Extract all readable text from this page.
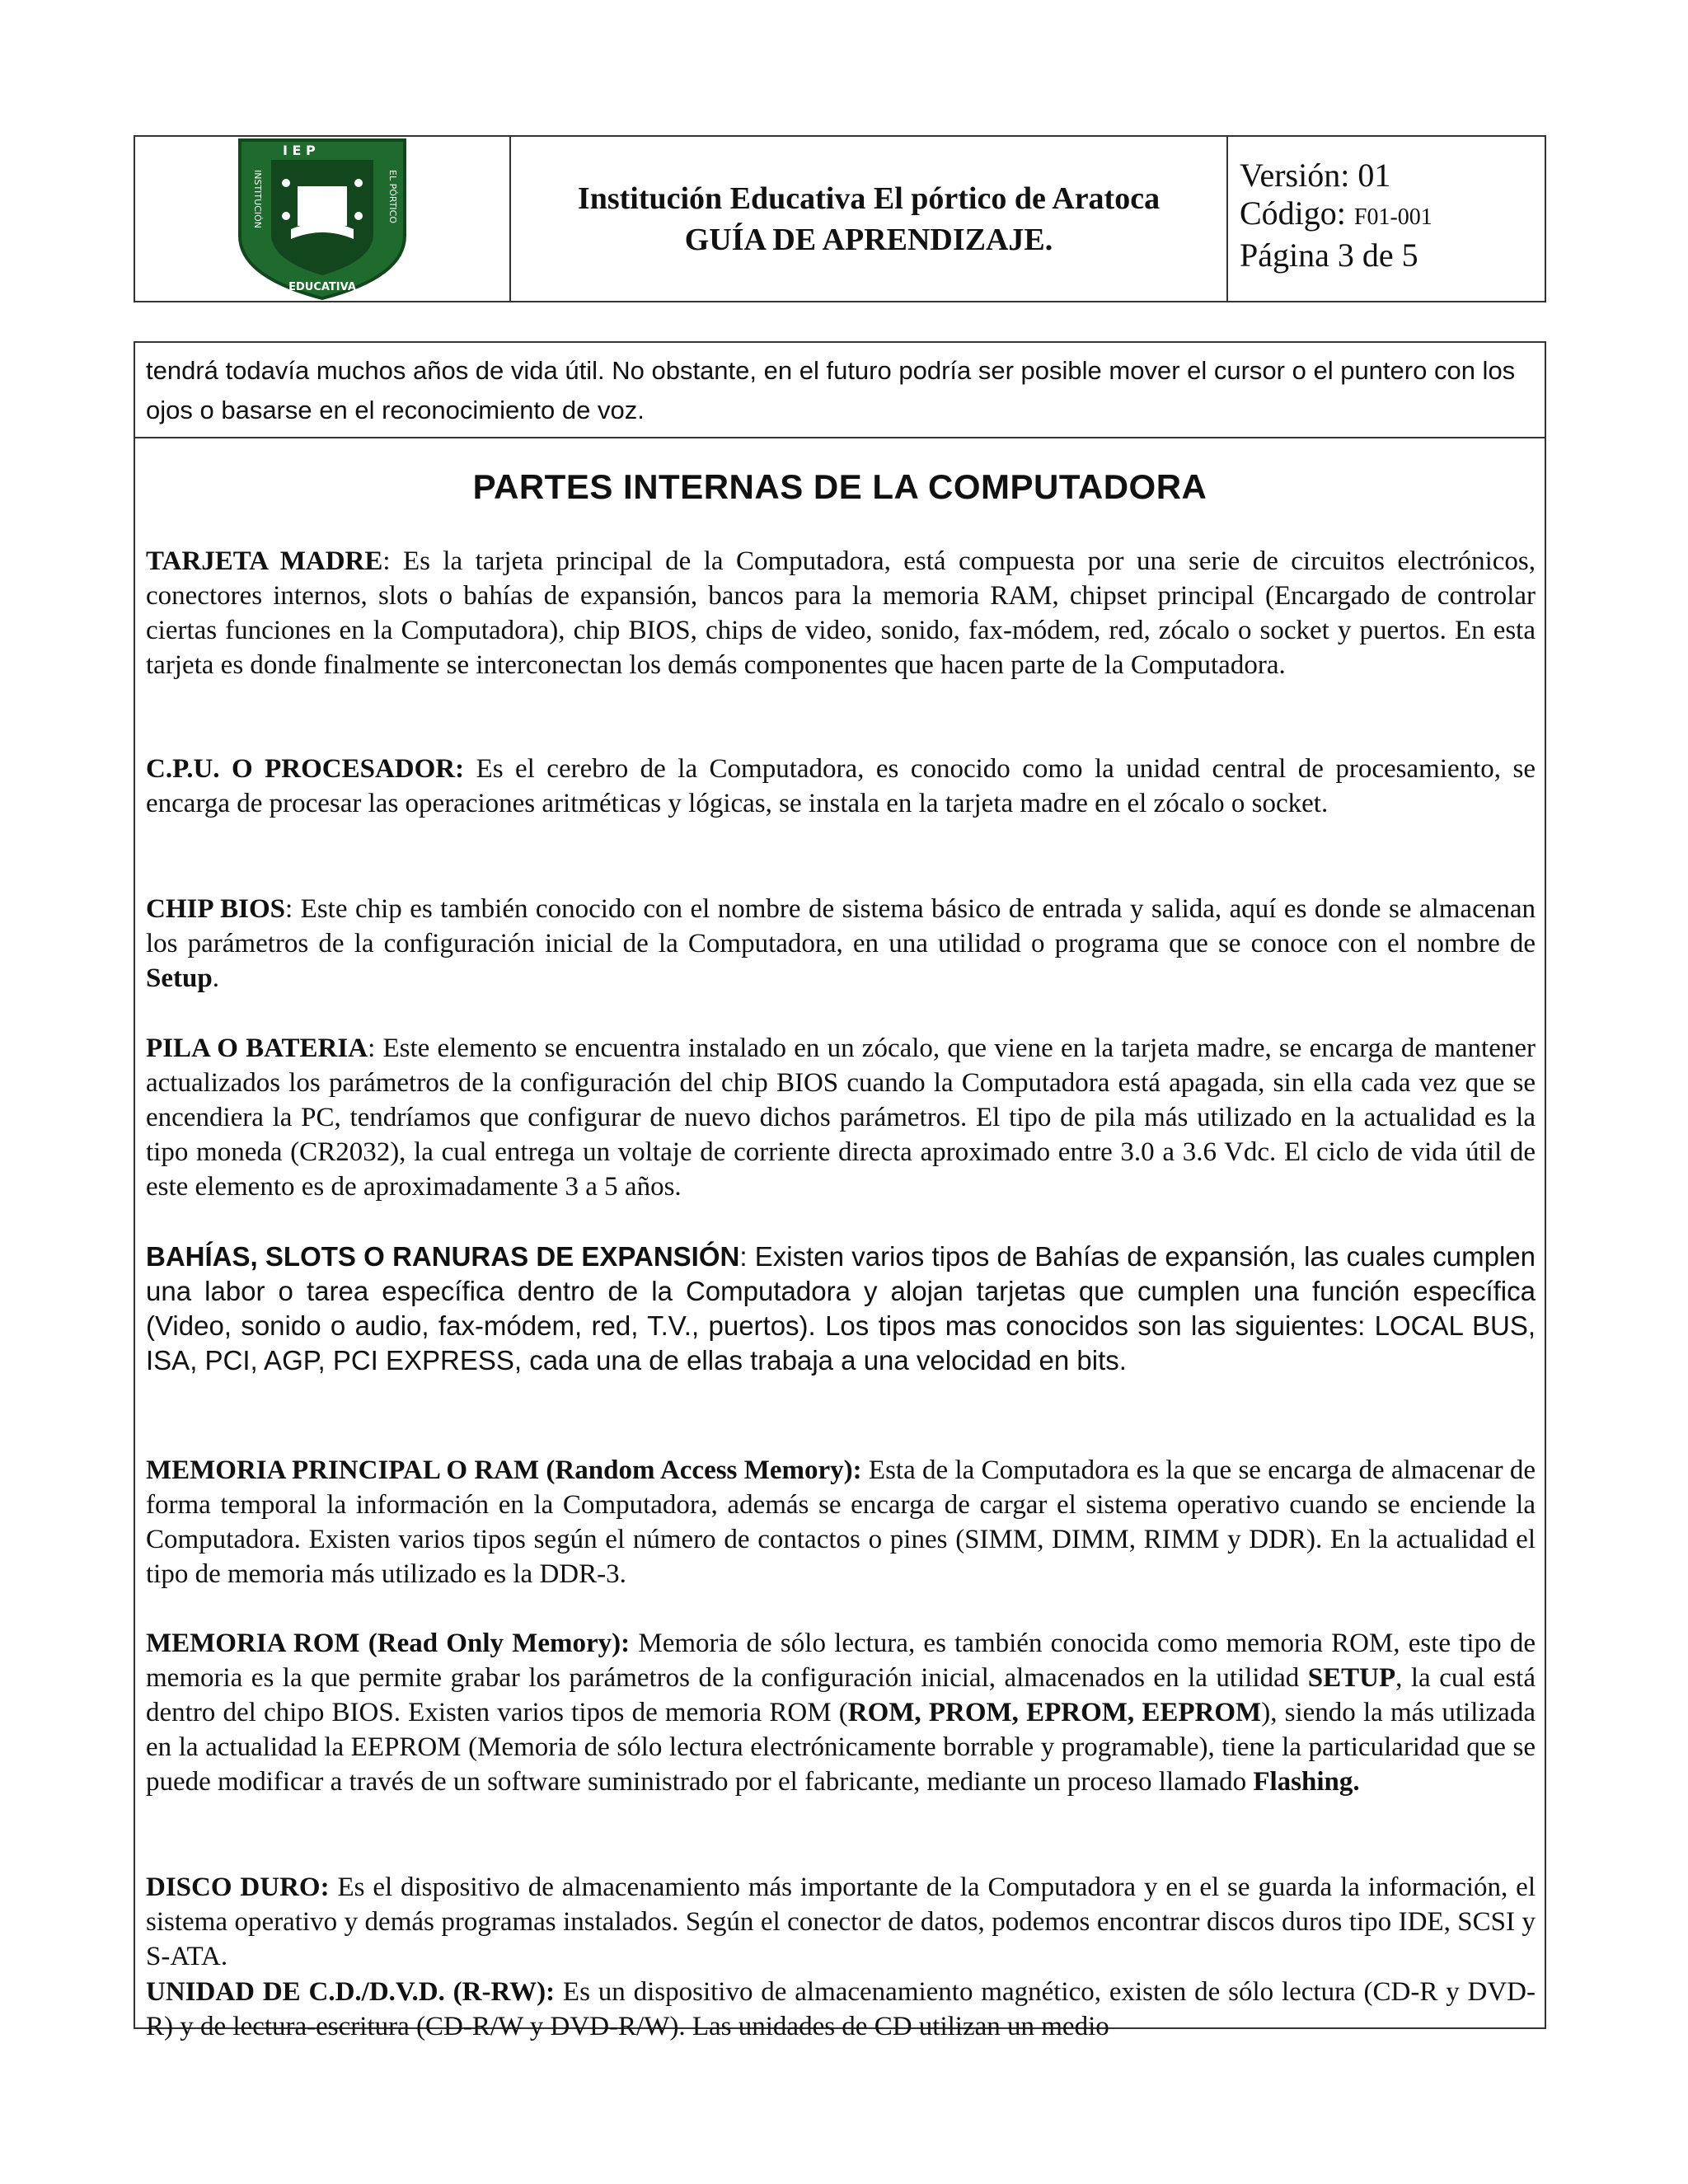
I E P
INSTITUCIÓN	EL PÓRTICO
EDUCATIVA
Institución Educativa El pórtico de Aratoca
GUÍA DE APRENDIZAJE.
Versión: 01
Código: F01-001
Página 3 de 5

tendrá todavía muchos años de vida útil. No obstante, en el futuro podría ser posible mover el cursor o el puntero con los ojos o basarse en el reconocimiento de voz.

PARTES INTERNAS DE LA COMPUTADORA

TARJETA MADRE: Es la tarjeta principal de la Computadora, está compuesta por una serie de circuitos electrónicos, conectores internos, slots o bahías de expansión, bancos para la memoria RAM, chipset principal (Encargado de controlar ciertas funciones en la Computadora), chip BIOS, chips de video, sonido, fax-módem, red, zócalo o socket y puertos. En esta tarjeta es donde finalmente se interconectan los demás componentes que hacen parte de la Computadora.

C.P.U. O PROCESADOR: Es el cerebro de la Computadora, es conocido como la unidad central de procesamiento, se encarga de procesar las operaciones aritméticas y lógicas, se instala en la tarjeta madre en el zócalo o socket.

CHIP BIOS: Este chip es también conocido con el nombre de sistema básico de entrada y salida, aquí es donde se almacenan los parámetros de la configuración inicial de la Computadora, en una utilidad o programa que se conoce con el nombre de Setup.

PILA O BATERIA: Este elemento se encuentra instalado en un zócalo, que viene en la tarjeta madre, se encarga de mantener actualizados los parámetros de la configuración del chip BIOS cuando la Computadora está apagada, sin ella cada vez que se encendiera la PC, tendríamos que configurar de nuevo dichos parámetros. El tipo de pila más utilizado en la actualidad es la tipo moneda (CR2032), la cual entrega un voltaje de corriente directa aproximado entre 3.0 a 3.6 Vdc. El ciclo de vida útil de este elemento es de aproximadamente 3 a 5 años.

BAHÍAS, SLOTS O RANURAS DE EXPANSIÓN: Existen varios tipos de Bahías de expansión, las cuales cumplen una labor o tarea específica dentro de la Computadora y alojan tarjetas que cumplen una función específica (Video, sonido o audio, fax-módem, red, T.V., puertos). Los tipos mas conocidos son las siguientes: LOCAL BUS, ISA, PCI, AGP, PCI EXPRESS, cada una de ellas trabaja a una velocidad en bits.

MEMORIA PRINCIPAL O RAM (Random Access Memory): Esta de la Computadora es la que se encarga de almacenar de forma temporal la información en la Computadora, además se encarga de cargar el sistema operativo cuando se enciende la Computadora. Existen varios tipos según el número de contactos o pines (SIMM, DIMM, RIMM y DDR). En la actualidad el tipo de memoria más utilizado es la DDR-3.

MEMORIA ROM (Read Only Memory): Memoria de sólo lectura, es también conocida como memoria ROM, este tipo de memoria es la que permite grabar los parámetros de la configuración inicial, almacenados en la utilidad SETUP, la cual está dentro del chipo BIOS. Existen varios tipos de memoria ROM (ROM, PROM, EPROM, EEPROM), siendo la más utilizada en la actualidad la EEPROM (Memoria de sólo lectura electrónicamente borrable y programable), tiene la particularidad que se puede modificar a través de un software suministrado por el fabricante, mediante un proceso llamado Flashing.

DISCO DURO: Es el dispositivo de almacenamiento más importante de la Computadora y en el se guarda la información, el sistema operativo y demás programas instalados. Según el conector de datos, podemos encontrar discos duros tipo IDE, SCSI y S-ATA.

UNIDAD DE C.D./D.V.D. (R-RW): Es un dispositivo de almacenamiento magnético, existen de sólo lectura (CD-R y DVD-R) y de lectura-escritura (CD-R/W y DVD-R/W). Las unidades de CD utilizan un medio
